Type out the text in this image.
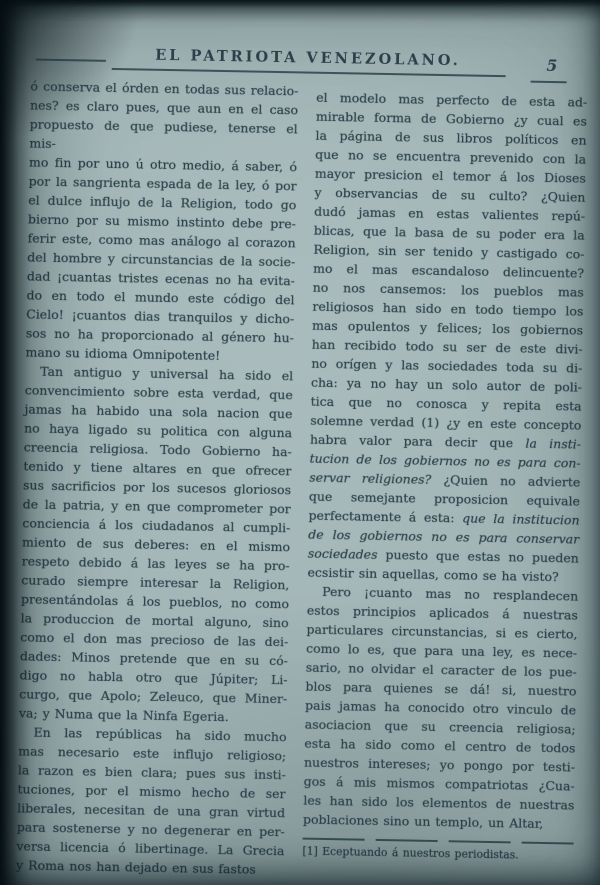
EL PATRIOTA VENEZOLANO.	5
ó conserva el órden en todas sus relacio-
nes? es claro pues, que aun en el caso
propuesto de que pudiese, tenerse el mis-
mo fin por uno ú otro medio, á saber, ó
por la sangrienta espada de la ley, ó por
el dulce influjo de la Religion, todo go
bierno por su mismo instinto debe pre-
ferir este, como mas análogo al corazon
del hombre y circunstancias de la socie-
dad ¡cuantas tristes ecenas no ha evita-
do en todo el mundo este código del
Cielo! ¡cuantos dias tranquilos y dicho-
sos no ha proporcionado al género hu-
mano su idioma Omnipotente!
Tan antiguo y universal ha sido el
convencimiento sobre esta verdad, que
jamas ha habido una sola nacion que
no haya ligado su politica con alguna
creencia religiosa. Todo Gobierno ha-
tenido y tiene altares en que ofrecer
sus sacrificios por los sucesos gloriosos
de la patria, y en que comprometer por
conciencia á los ciudadanos al cumpli-
miento de sus deberes: en el mismo
respeto debido á las leyes se ha pro-
curado siempre interesar la Religion,
presentándolas á los pueblos, no como
la produccion de mortal alguno, sino
como el don mas precioso de las dei-
dades: Minos pretende que en su có-
digo no habla otro que Júpiter; Li-
curgo, que Apolo; Zeleuco, que Miner-
va; y Numa que la Ninfa Egeria.
En las repúblicas ha sido mucho
mas necesario este influjo religioso;
la razon es bien clara; pues sus insti-
tuciones, por el mismo hecho de ser
liberales, necesitan de una gran virtud
para sostenerse y no degenerar en per-
versa licencia ó libertinage. La Grecia
y Roma nos han dejado en sus fastos
el modelo mas perfecto de esta ad-
mirable forma de Gobierno ¿y cual es
la página de sus libros políticos en
que no se encuentra prevenido con la
mayor presicion el temor á los Dioses
y observancias de su culto? ¿Quien
dudó jamas en estas valientes repú-
blicas, que la basa de su poder era la
Religion, sin ser tenido y castigado co-
mo el mas escandaloso delincuente?
no nos cansemos: los pueblos mas
religiosos han sido en todo tiempo los
mas opulentos y felices; los gobiernos
han recibido todo su ser de este divi-
no orígen y las sociedades toda su di-
cha: ya no hay un solo autor de poli-
tica que no conosca y repita esta
solemne verdad (1) ¿y en este concepto
habra valor para decir que la insti-
tucion de los gobiernos no es para con-
servar religiones? ¿Quien no advierte
que semejante proposicion equivale
perfectamente á esta: que la institucion
de los gobiernos no es para conservar
sociedades puesto que estas no pueden
ecsistir sin aquellas, como se ha visto?
Pero ¡cuanto mas no resplandecen
estos principios aplicados á nuestras
particulares circunstancias, si es cierto,
como lo es, que para una ley, es nece-
sario, no olvidar el caracter de los pue-
blos para quienes se dá! si, nuestro
pais jamas ha conocido otro vinculo de
asociacion que su creencia religiosa;
esta ha sido como el centro de todos
nuestros intereses; yo pongo por testi-
gos á mis mismos compatriotas ¿Cua-
les han sido los elementos de nuestras
poblaciones sino un templo, un Altar,
[1] Eceptuando á nuestros periodistas.
